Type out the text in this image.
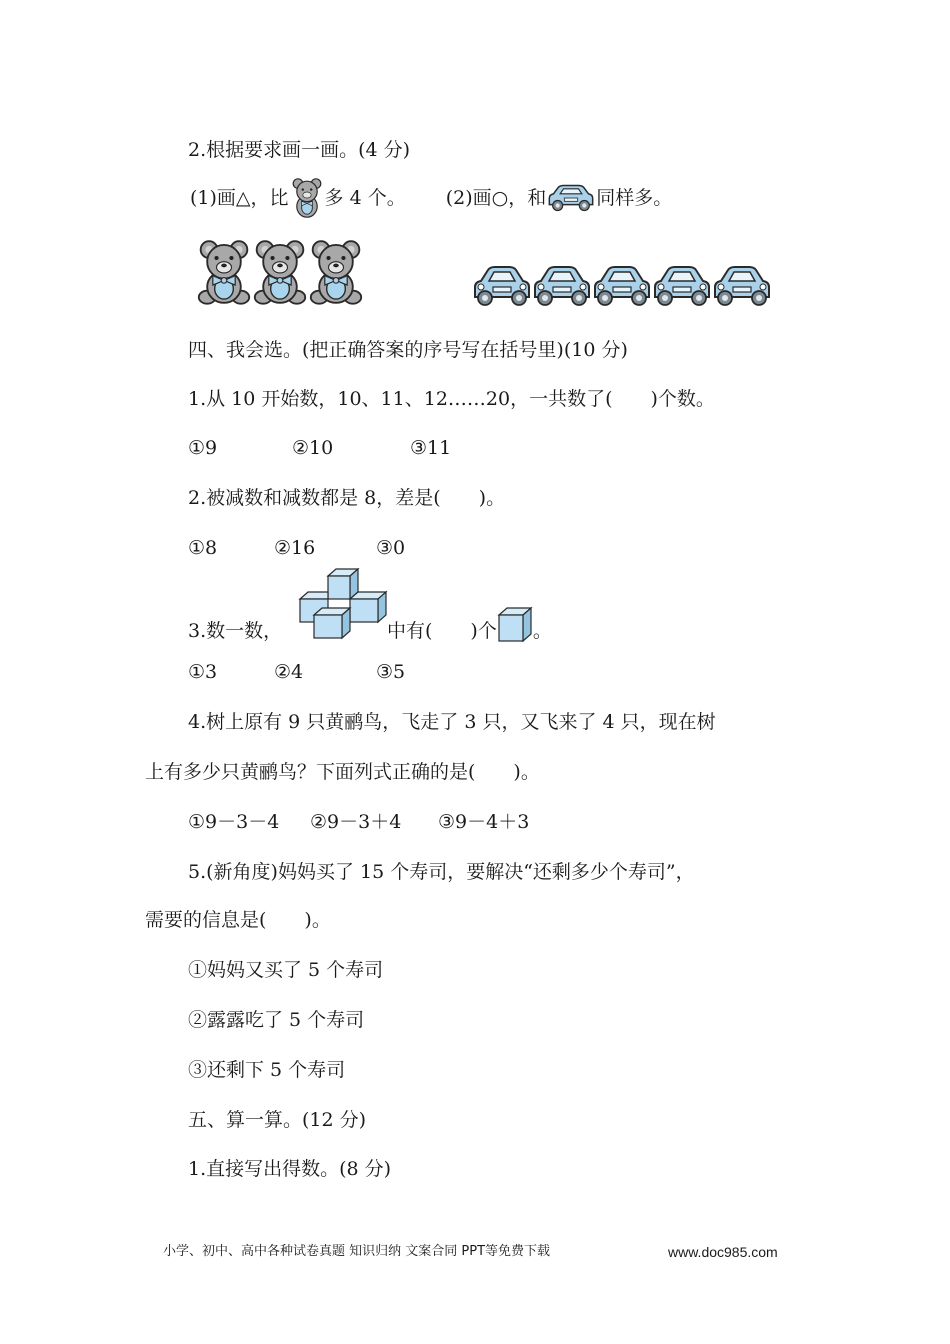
2.根据要求画一画。(4 分)
(1)画△，比 多 4 个。 (2)画○，和	同样多。
四、我会选。(把正确答案的序号写在括号里)(10 分)
1.从 10 开始数，10、11、12……20，一共数了(　　)个数。
①9	②10	③11
2.被减数和减数都是 8，差是(　　)。
①8	②16	③0
3.数一数，	中有(　　)个 。
①3	②4	③5
4.树上原有 9 只黄鹂鸟，飞走了 3 只，又飞来了 4 只，现在树
上有多少只黄鹂鸟？下面列式正确的是(　　)。
①9－3－4	②9－3＋4	③9－4＋3
5.(新角度)妈妈买了 15 个寿司，要解决“还剩多少个寿司”，
需要的信息是(　　)。
①妈妈又买了 5 个寿司
②露露吃了 5 个寿司
③还剩下 5 个寿司
五、算一算。(12 分)
1.直接写出得数。(8 分)
小学、初中、高中各种试卷真题 知识归纳 文案合同 PPT等免费下载	www.doc985.com
